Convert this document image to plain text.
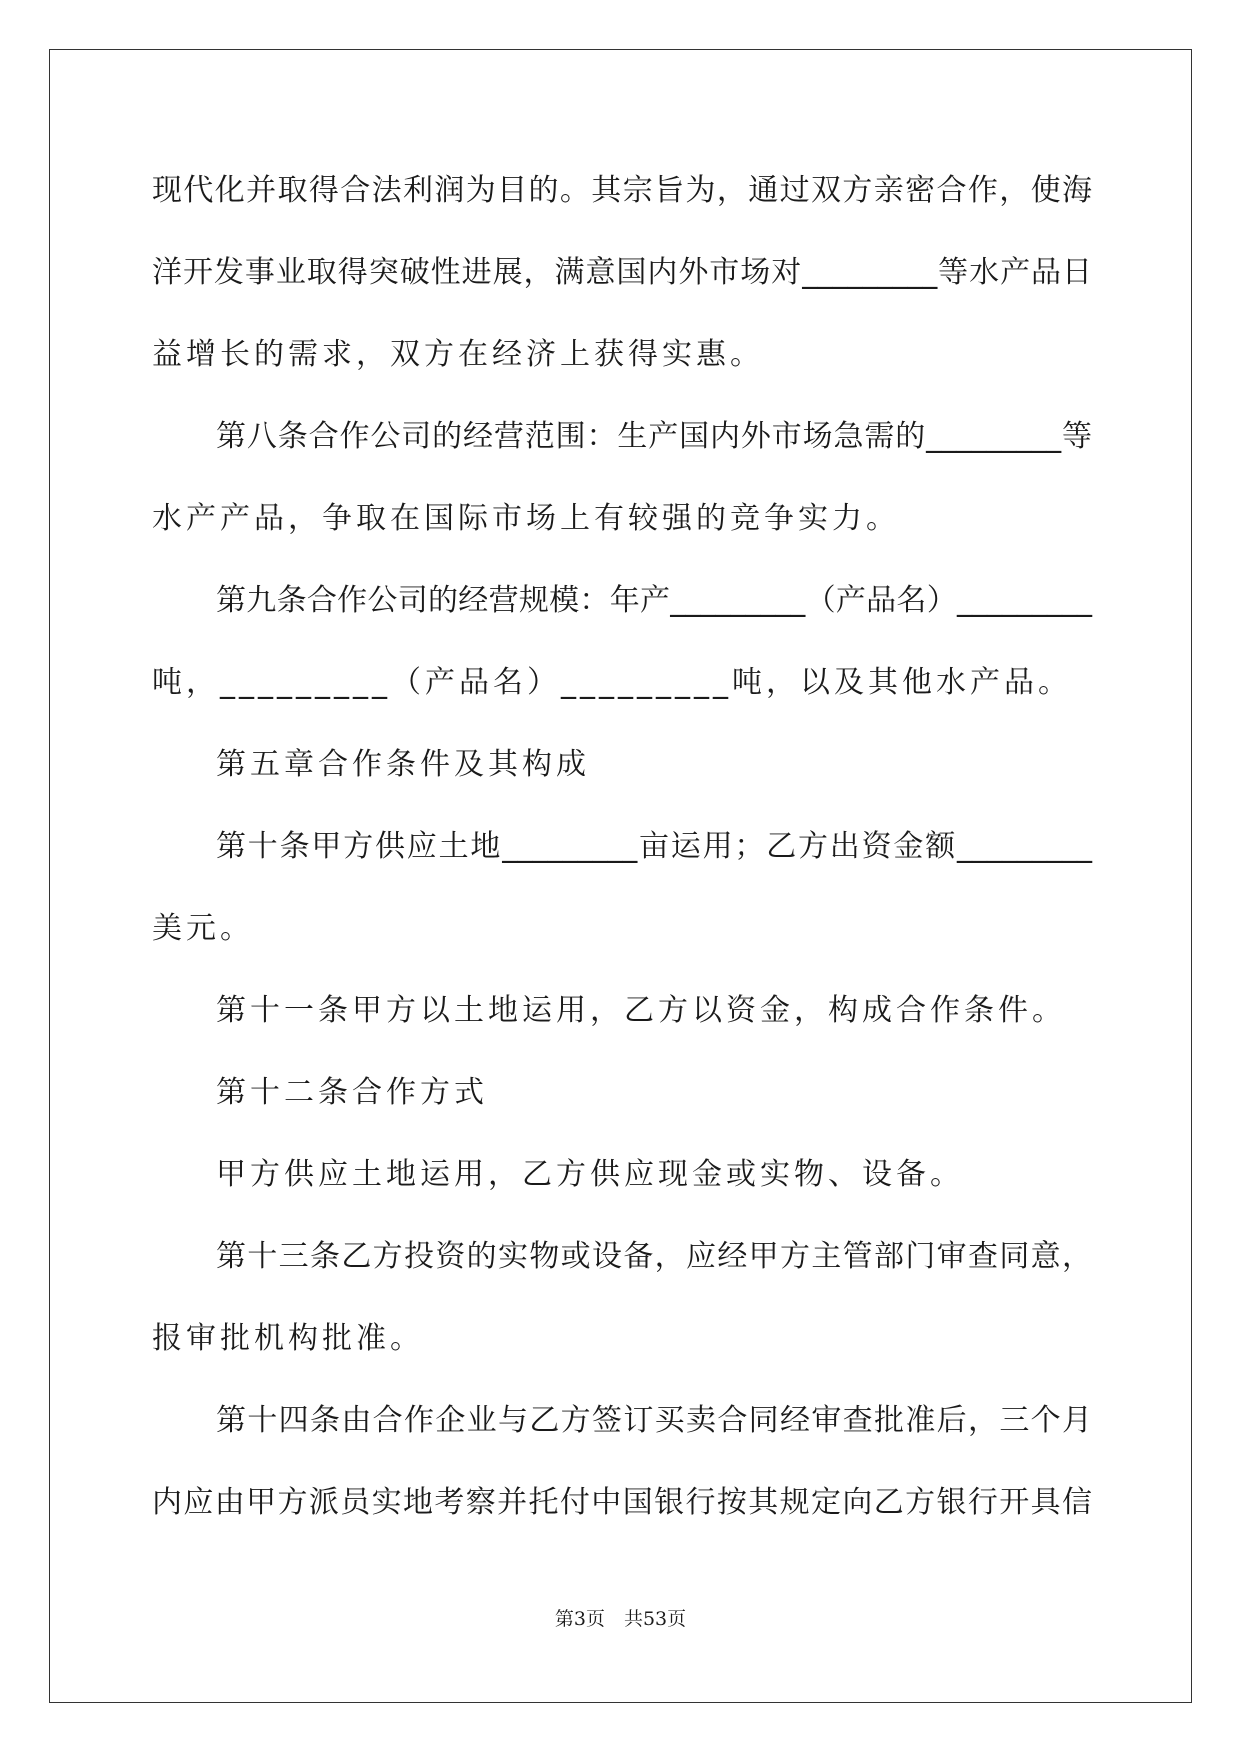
现代化并取得合法利润为目的。其宗旨为，通过双方亲密合作，使海
洋开发事业取得突破性进展，满意国内外市场对_________等水产品日
益增长的需求，双方在经济上获得实惠。
第八条合作公司的经营范围：生产国内外市场急需的_________等
水产产品，争取在国际市场上有较强的竞争实力。
第九条合作公司的经营规模：年产_________（产品名）_________
吨，_________（产品名）_________吨，以及其他水产品。
第五章合作条件及其构成
第十条甲方供应土地_________亩运用；乙方出资金额_________
美元。
第十一条甲方以土地运用，乙方以资金，构成合作条件。
第十二条合作方式
甲方供应土地运用，乙方供应现金或实物、设备。
第十三条乙方投资的实物或设备，应经甲方主管部门审查同意，
报审批机构批准。
第十四条由合作企业与乙方签订买卖合同经审查批准后，三个月
内应由甲方派员实地考察并托付中国银行按其规定向乙方银行开具信
第3页　共53页
